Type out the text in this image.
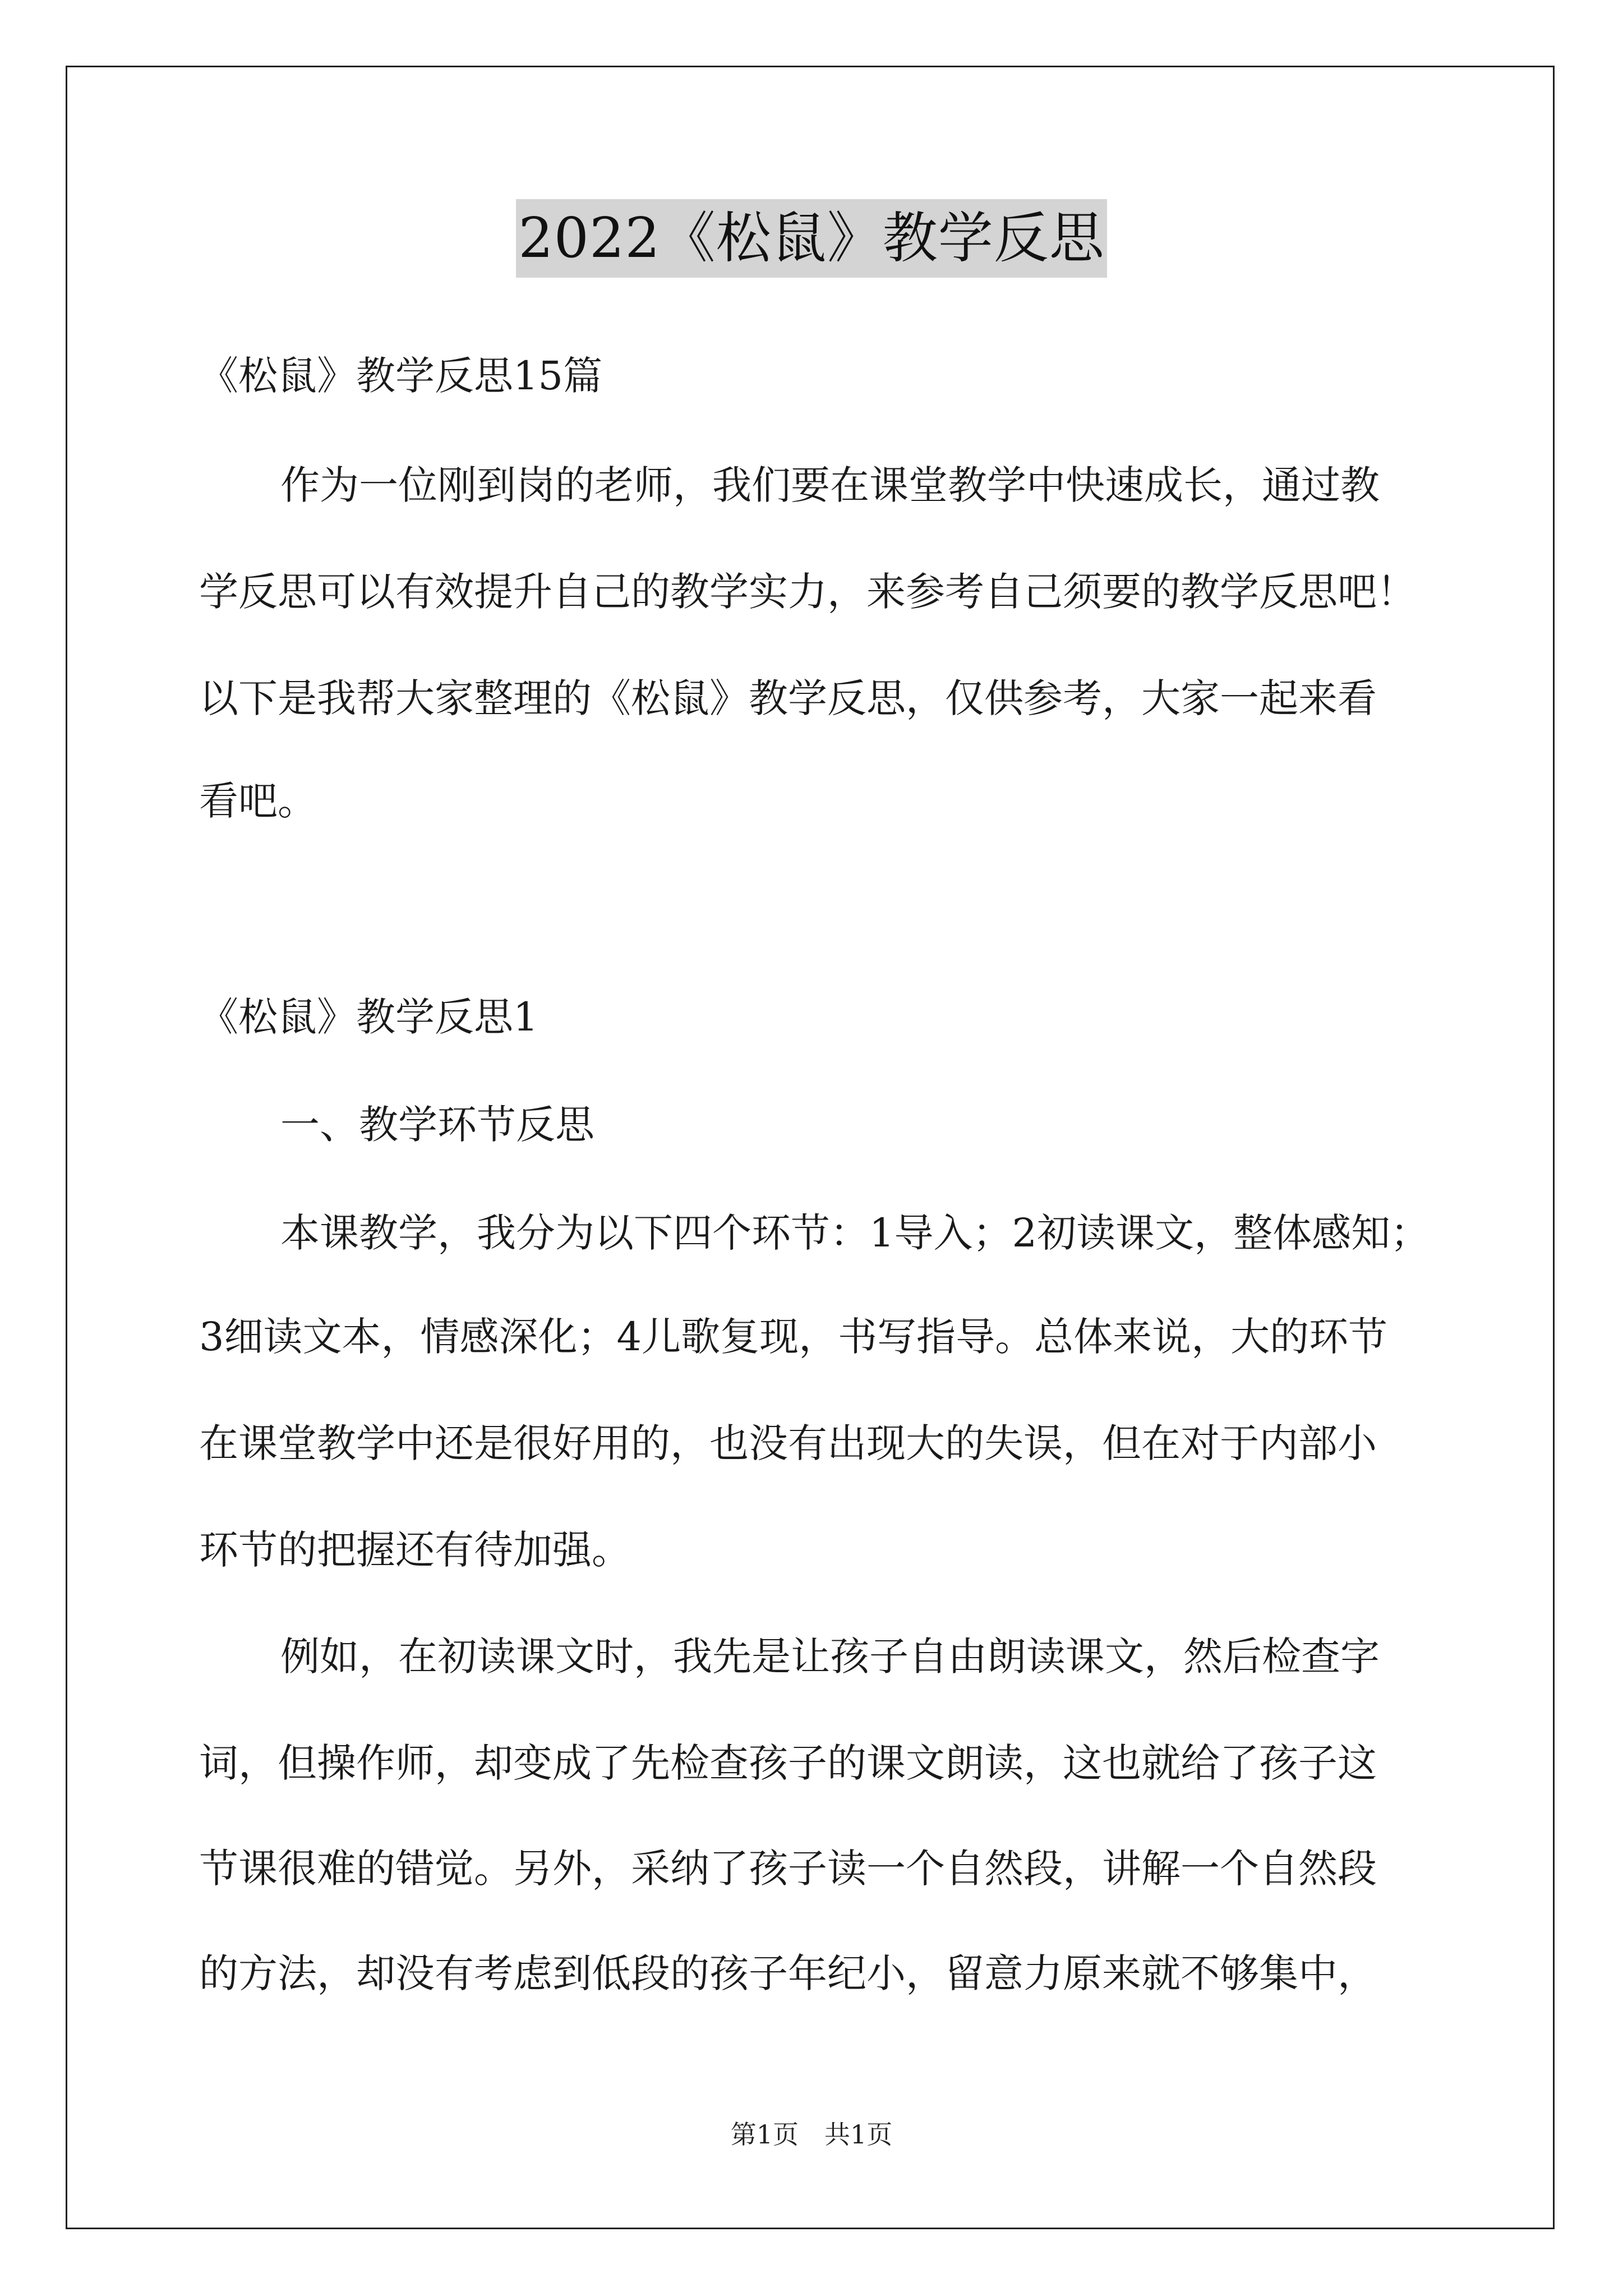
2022《松鼠》教学反思
《松鼠》教学反思15篇
作为一位刚到岗的老师，我们要在课堂教学中快速成长，通过教
学反思可以有效提升自己的教学实力，来参考自己须要的教学反思吧！
以下是我帮大家整理的《松鼠》教学反思，仅供参考，大家一起来看
看吧。
《松鼠》教学反思1
一、教学环节反思
本课教学，我分为以下四个环节：1导入；2初读课文，整体感知；
3细读文本，情感深化；4儿歌复现，书写指导。总体来说，大的环节
在课堂教学中还是很好用的，也没有出现大的失误，但在对于内部小
环节的把握还有待加强。
例如，在初读课文时，我先是让孩子自由朗读课文，然后检查字
词，但操作师，却变成了先检查孩子的课文朗读，这也就给了孩子这
节课很难的错觉。另外，采纳了孩子读一个自然段，讲解一个自然段
的方法，却没有考虑到低段的孩子年纪小，留意力原来就不够集中，
第1页　共1页
